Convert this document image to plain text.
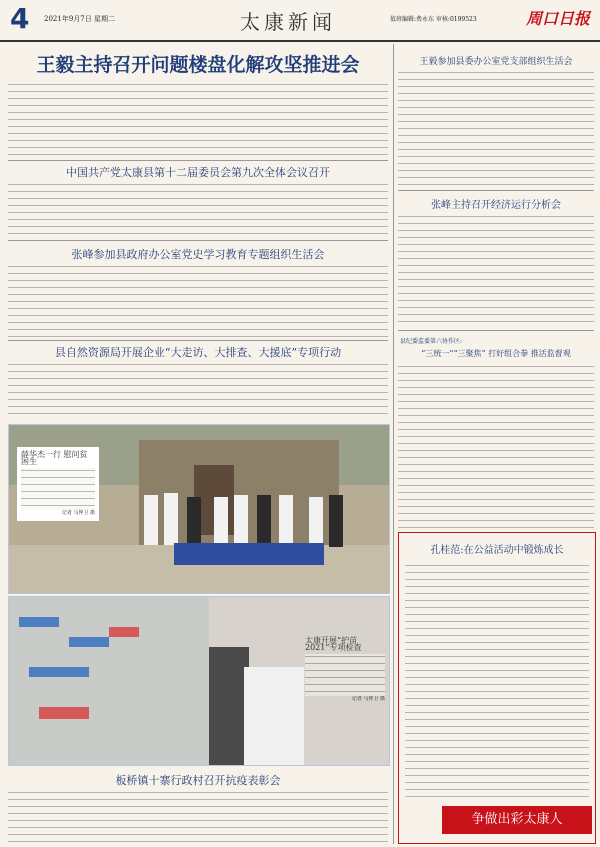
4 2021年9月7日 星期二	太康新闻	值班编辑:费永东 审核:0199523	周口日报
王毅主持召开问题楼盘化解攻坚推进会
中国共产党太康县第十二届委员会第九次全体会议召开
张峰参加县政府办公室党史学习教育专题组织生活会
县自然资源局开展企业“大走访、大排查、大援底”专项行动
薛华杰一行 慰问贫困生
记者 马仲卫 摄
太康开展“护苗 2021”专项检查
记者 马仲卫 摄
板桥镇十寨行政村召开抗疫表彰会
王毅参加县委办公室党支部组织生活会
张峰主持召开经济运行分析会
县纪委监委第六协作区:
“三统一”“三聚焦” 打好组合拳 推活监督观
孔桂范:在公益活动中锻炼成长
争做出彩太康人
